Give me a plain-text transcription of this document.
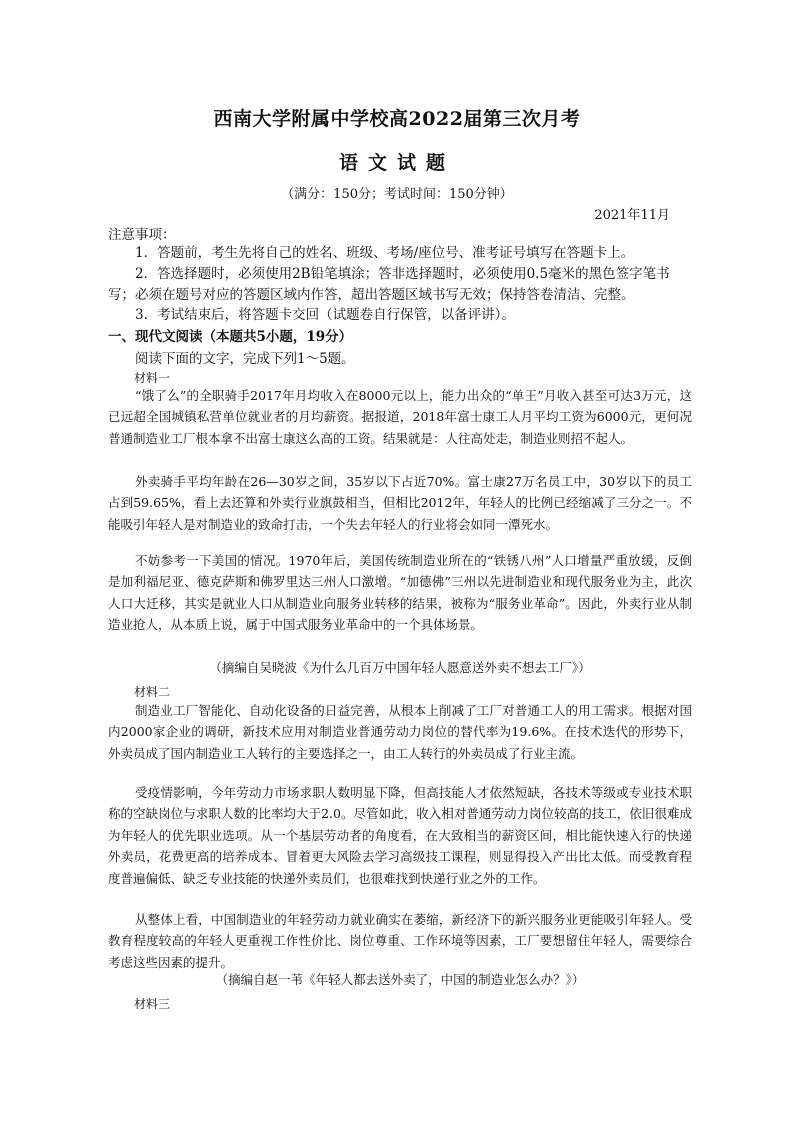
西南大学附属中学校高2022届第三次月考
语文试题
（满分：150分；考试时间：150分钟）
2021年11月
注意事项：

1．答题前，考生先将自己的姓名、班级、考场/座位号、准考证号填写在答题卡上。

2．答选择题时，必须使用2B铅笔填涂；答非选择题时，必须使用0.5毫米的黑色签字笔书写；必须在题号对应的答题区域内作答，超出答题区域书写无效；保持答卷清洁、完整。

3．考试结束后，将答题卡交回（试题卷自行保管，以备评讲）。

一、现代文阅读（本题共5小题，19分）
阅读下面的文字，完成下列1～5题。
材料一

“饿了么”的全职骑手2017年月均收入在8000元以上，能力出众的“单王”月收入甚至可达3万元，这已远超全国城镇私营单位就业者的月均薪资。据报道，2018年富士康工人月平均工资为6000元，更何况普通制造业工厂根本拿不出富士康这么高的工资。结果就是：人往高处走，制造业则招不起人。

外卖骑手平均年龄在26—30岁之间，35岁以下占近70%。富士康27万名员工中，30岁以下的员工占到59.65%，看上去还算和外卖行业旗鼓相当，但相比2012年，年轻人的比例已经缩减了三分之一。不能吸引年轻人是对制造业的致命打击，一个失去年轻人的行业将会如同一潭死水。

不妨参考一下美国的情况。1970年后，美国传统制造业所在的“铁锈八州”人口增量严重放缓，反倒是加利福尼亚、德克萨斯和佛罗里达三州人口激增。“加德佛”三州以先进制造业和现代服务业为主，此次人口大迁移，其实是就业人口从制造业向服务业转移的结果，被称为“服务业革命”。因此，外卖行业从制造业抢人，从本质上说，属于中国式服务业革命中的一个具体场景。

（摘编自吴晓波《为什么几百万中国年轻人愿意送外卖不想去工厂》）
材料二

制造业工厂智能化、自动化设备的日益完善，从根本上削减了工厂对普通工人的用工需求。根据对国内2000家企业的调研，新技术应用对制造业普通劳动力岗位的替代率为19.6%。在技术迭代的形势下，外卖员成了国内制造业工人转行的主要选择之一，由工人转行的外卖员成了行业主流。

受疫情影响，今年劳动力市场求职人数明显下降，但高技能人才依然短缺，各技术等级或专业技术职称的空缺岗位与求职人数的比率均大于2.0。尽管如此，收入相对普通劳动力岗位较高的技工，依旧很难成为年轻人的优先职业选项。从一个基层劳动者的角度看，在大致相当的薪资区间，相比能快速入行的快递外卖员，花费更高的培养成本、冒着更大风险去学习高级技工课程，则显得投入产出比太低。而受教育程度普遍偏低、缺乏专业技能的快递外卖员们，也很难找到快递行业之外的工作。

从整体上看，中国制造业的年轻劳动力就业确实在萎缩，新经济下的新兴服务业更能吸引年轻人。受教育程度较高的年轻人更重视工作性价比、岗位尊重、工作环境等因素，工厂要想留住年轻人，需要综合考虑这些因素的提升。

（摘编自赵一苇《年轻人都去送外卖了，中国的制造业怎么办？》）
材料三
